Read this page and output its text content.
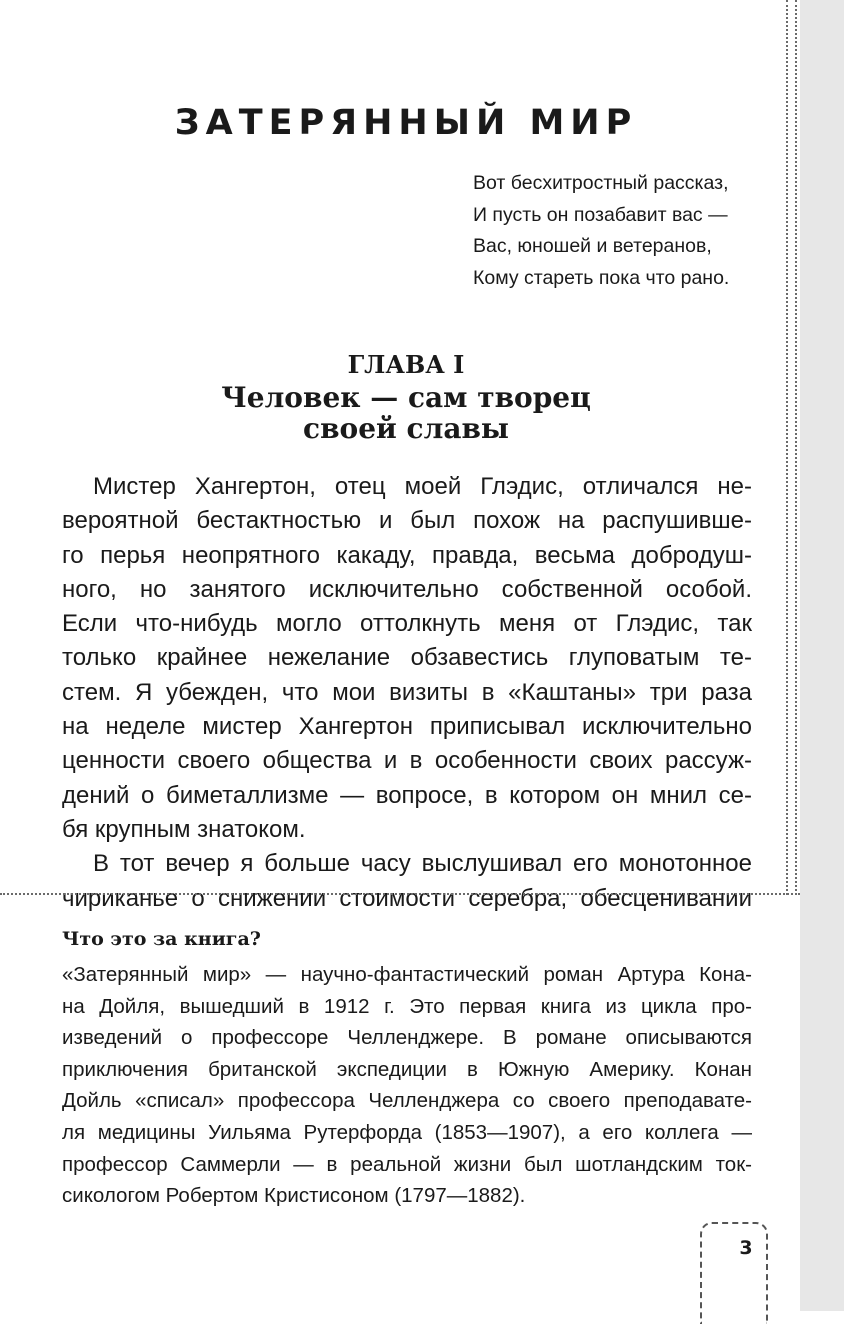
ЗАТЕРЯННЫЙ МИР
Вот бесхитростный рассказ,
И пусть он позабавит вас —
Вас, юношей и ветеранов,
Кому стареть пока что рано.
ГЛАВА I
Человек — сам творец
своей славы
Мистер Хангертон, отец моей Глэдис, отличался не-
вероятной бестактностью и был похож на распушивше-
го перья неопрятного какаду, правда, весьма добродуш-
ного, но занятого исключительно собственной особой.
Если что-нибудь могло оттолкнуть меня от Глэдис, так
только крайнее нежелание обзавестись глуповатым те-
стем. Я убежден, что мои визиты в «Каштаны» три раза
на неделе мистер Хангертон приписывал исключительно
ценности своего общества и в особенности своих рассуж-
дений о биметаллизме — вопросе, в котором он мнил се-
бя крупным знатоком.
В тот вечер я больше часу выслушивал его монотонное
чириканье о снижении стоимости серебра, обесценивании
Что это за книга?
«Затерянный мир» — научно-фантастический роман Артура Кона-
на Дойля, вышедший в 1912 г. Это первая книга из цикла про-
изведений о профессоре Челленджере. В романе описываются
приключения британской экспедиции в Южную Америку. Конан
Дойль «списал» профессора Челленджера со своего преподавате-
ля медицины Уильяма Рутерфорда (1853—1907), а его коллега —
профессор Саммерли — в реальной жизни был шотландским ток-
сикологом Робертом Кристисоном (1797—1882).
3
